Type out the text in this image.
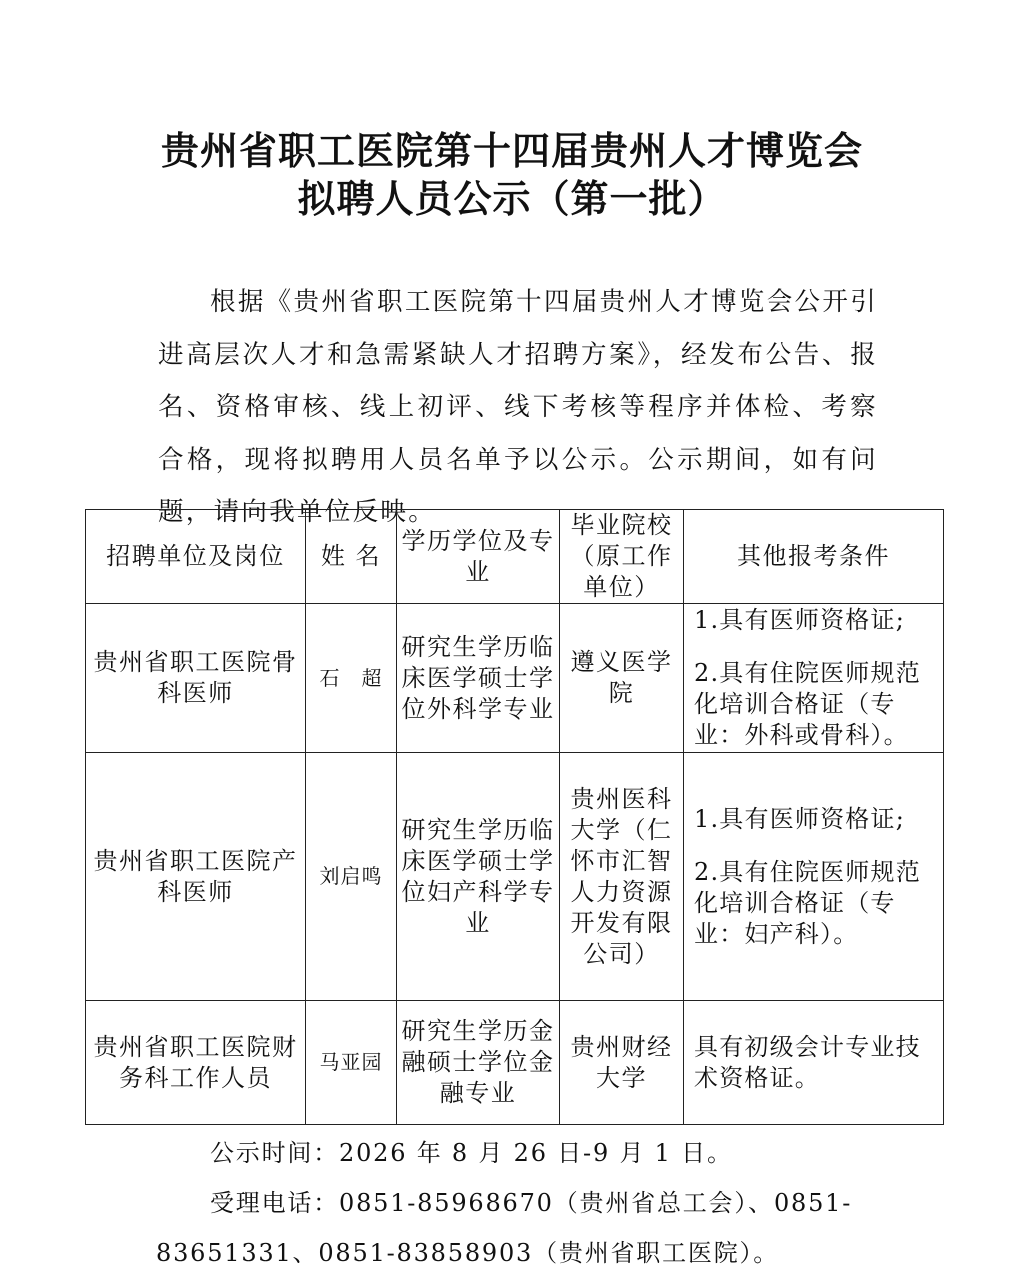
贵州省职工医院第十四届贵州人才博览会
拟聘人员公示（第一批）
根据《贵州省职工医院第十四届贵州人才博览会公开引进高层次人才和急需紧缺人才招聘方案》，经发布公告、报名、资格审核、线上初评、线下考核等程序并体检、考察合格，现将拟聘用人员名单予以公示。公示期间，如有问题，请向我单位反映。
招聘单位及岗位	姓 名	学历学位及专业	毕业院校（原工作单位）	其他报考条件
贵州省职工医院骨科医师	石　超	研究生学历临床医学硕士学位外科学专业	遵义医学院	1.具有医师资格证;
2.具有住院医师规范化培训合格证（专业：外科或骨科）。

贵州省职工医院产科医师	刘启鸣	研究生学历临床医学硕士学位妇产科学专业	贵州医科大学（仁怀市汇智人力资源开发有限公司）	1.具有医师资格证;
2.具有住院医师规范化培训合格证（专业：妇产科）。

贵州省职工医院财务科工作人员	马亚园	研究生学历金融硕士学位金融专业	贵州财经大学	具有初级会计专业技术资格证。
公示时间：2026 年 8 月 26 日-9 月 1 日。
受理电话：0851-85968670（贵州省总工会）、0851-
83651331、0851-83858903（贵州省职工医院）。
